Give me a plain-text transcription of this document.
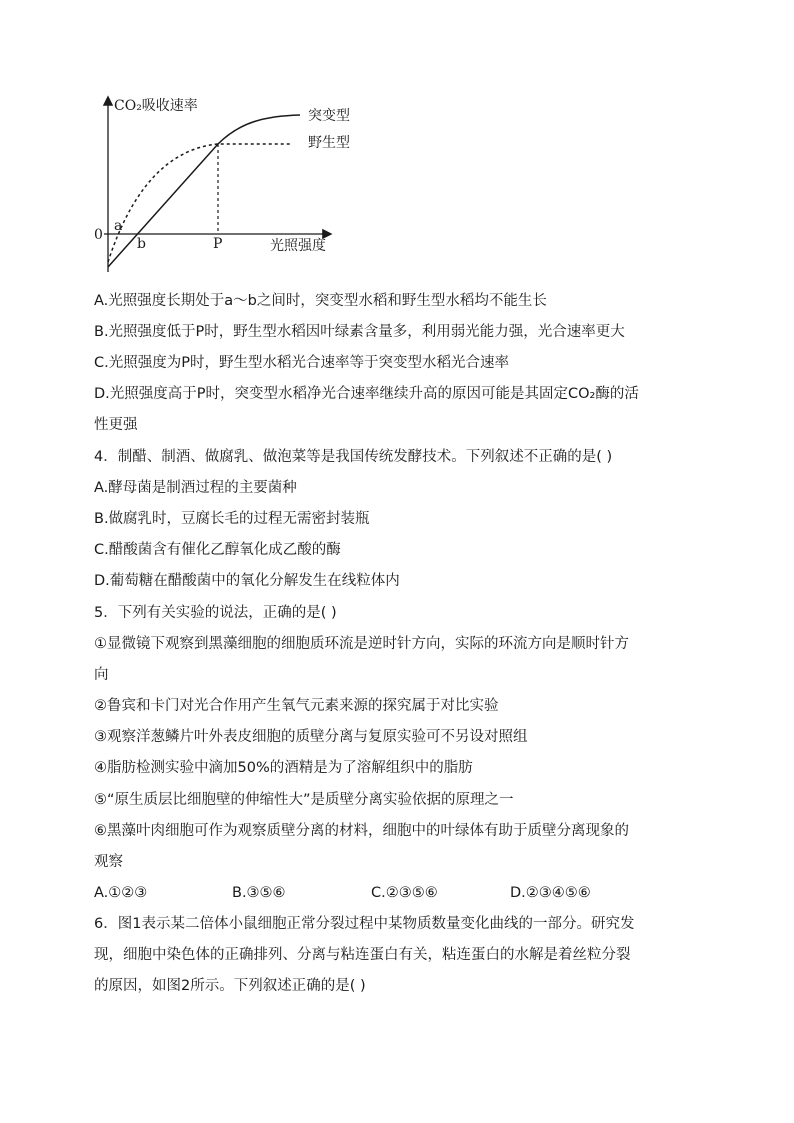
CO₂吸收速率
0
a
b	P	光照强度
突变型
野生型
A.光照强度长期处于a～b之间时，突变型水稻和野生型水稻均不能生长
B.光照强度低于P时，野生型水稻因叶绿素含量多，利用弱光能力强，光合速率更大
C.光照强度为P时，野生型水稻光合速率等于突变型水稻光合速率
D.光照强度高于P时，突变型水稻净光合速率继续升高的原因可能是其固定CO₂酶的活
性更强
4．制醋、制酒、做腐乳、做泡菜等是我国传统发酵技术。下列叙述不正确的是( )
A.酵母菌是制酒过程的主要菌种
B.做腐乳时，豆腐长毛的过程无需密封装瓶
C.醋酸菌含有催化乙醇氧化成乙酸的酶
D.葡萄糖在醋酸菌中的氧化分解发生在线粒体内
5．下列有关实验的说法，正确的是( )
①显微镜下观察到黑藻细胞的细胞质环流是逆时针方向，实际的环流方向是顺时针方
向
②鲁宾和卡门对光合作用产生氧气元素来源的探究属于对比实验
③观察洋葱鳞片叶外表皮细胞的质壁分离与复原实验可不另设对照组
④脂肪检测实验中滴加50%的酒精是为了溶解组织中的脂肪
⑤“原生质层比细胞壁的伸缩性大”是质壁分离实验依据的原理之一
⑥黑藻叶肉细胞可作为观察质壁分离的材料，细胞中的叶绿体有助于质壁分离现象的
观察
A.①②③	B.③⑤⑥	C.②③⑤⑥	D.②③④⑤⑥
6．图1表示某二倍体小鼠细胞正常分裂过程中某物质数量变化曲线的一部分。研究发
现，细胞中染色体的正确排列、分离与粘连蛋白有关，粘连蛋白的水解是着丝粒分裂
的原因，如图2所示。下列叙述正确的是( )
